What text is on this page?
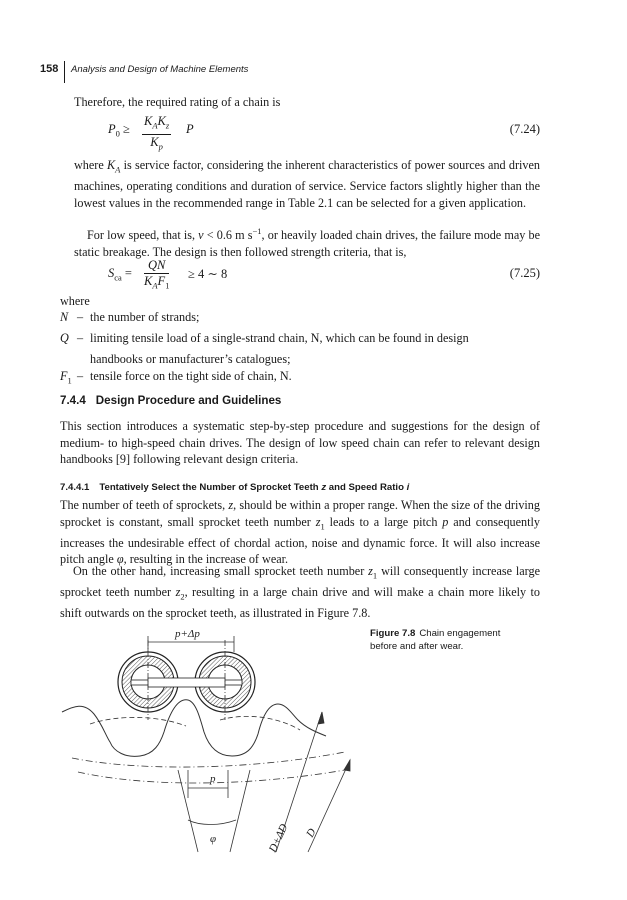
158 Analysis and Design of Machine Elements

Therefore, the required rating of a chain is

$P_0$ ≥
$K_AK_z$
$K_p$
P	(7.24)

where $K_A$ is service factor, considering the inherent characteristics of power sources and driven machines, operating conditions and duration of service. Service factors slightly higher than the lowest values in the recommended range in Table 2.1 can be selected for a given application.

For low speed, that is, v < 0.6 m $s^{-1}$, or heavily loaded chain drives, the failure mode may be static breakage. The design is then followed strength criteria, that is,

$S_{ca}$ =
QN
$K_AF_1$
≥ 4 ∼ 8	(7.25)

where

N – the number of strands;
Q – limiting tensile load of a single-strand chain, N, which can be found in design
handbooks or manufacturer’s catalogues;
$F_1$ – tensile force on the tight side of chain, N.
7.4.4 Design Procedure and Guidelines

This section introduces a systematic step-by-step procedure and suggestions for the design of medium- to high-speed chain drives. The design of low speed chain can refer to relevant design handbooks [9] following relevant design criteria.

7.4.4.1 Tentatively Select the Number of Sprocket Teeth z and Speed Ratio i

The number of teeth of sprockets, z, should be within a proper range. When the size of the driving sprocket is constant, small sprocket teeth number $z_1$ leads to a large pitch p and consequently increases the undesirable effect of chordal action, noise and dynamic force. It will also increase pitch angle φ, resulting in the increase of wear.

On the other hand, increasing small sprocket teeth number $z_1$ will consequently increase large sprocket teeth number $z_2$, resulting in a large chain drive and will make a chain more likely to shift outwards on the sprocket teeth, as illustrated in Figure 7.8.

p+Δp
p
φ	D+ΔD D
Figure 7.8 Chain engagement before and after wear.
